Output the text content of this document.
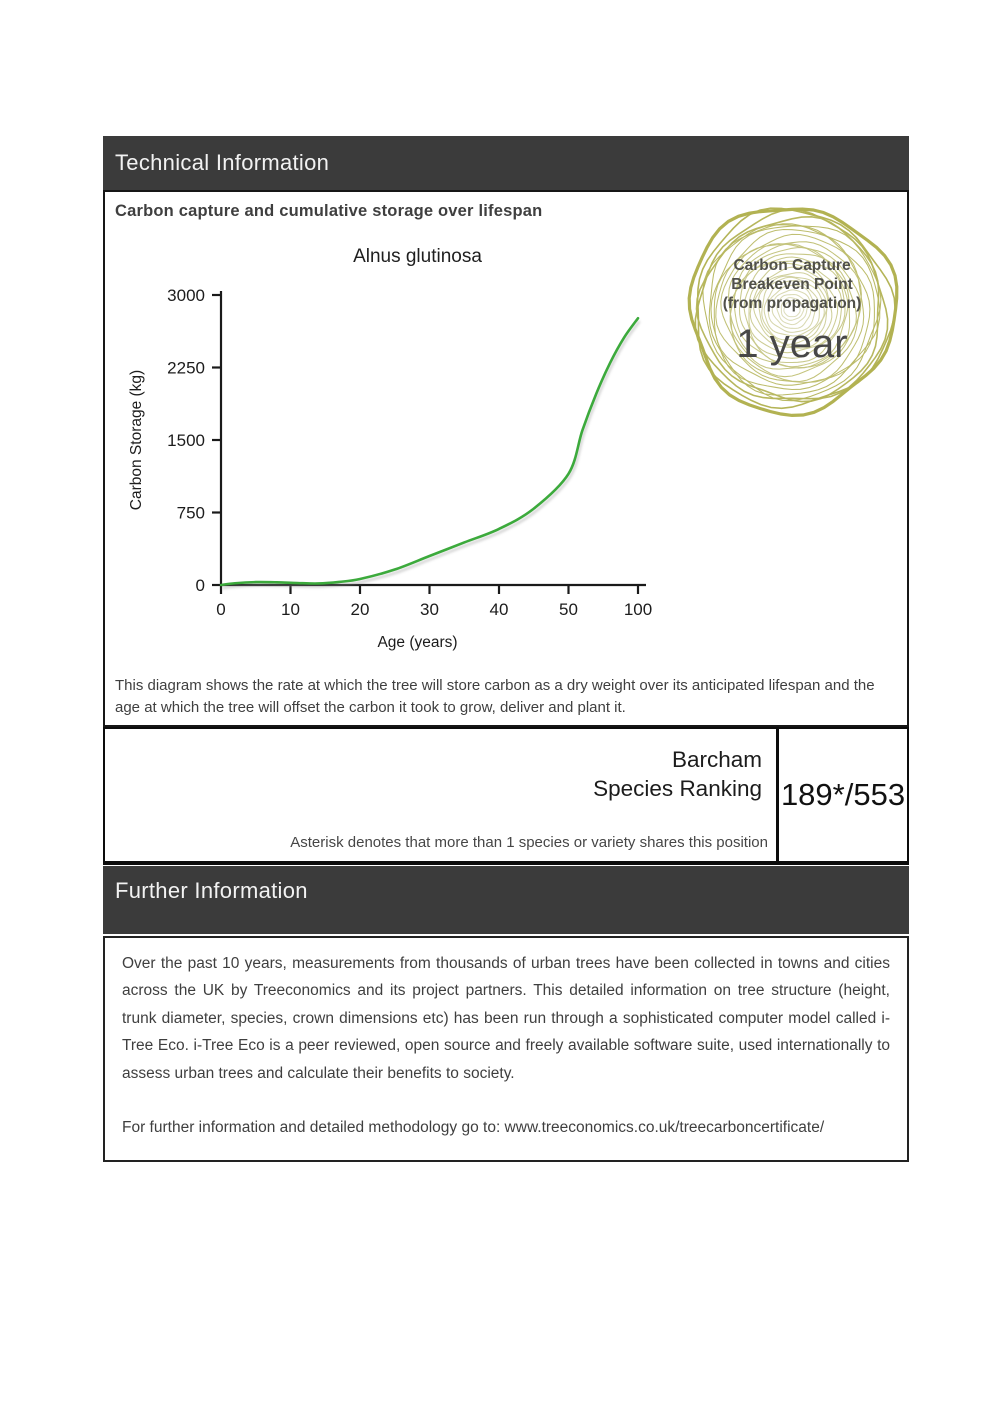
Technical Information
Carbon capture and cumulative storage over lifespan
Alnus glutinosa
0
750
1500
2250
3000
0	10	20	30	40	50	100
Age (years)
Carbon Storage (kg)
Carbon Capture
Breakeven Point
(from propagation)
1 year
This diagram shows the rate at which the tree will store carbon as a dry weight over its anticipated lifespan and the age at which the tree will offset the carbon it took to grow, deliver and plant it.
Barcham
Species Ranking
Asterisk denotes that more than 1 species or variety shares this position
189*/553
Further Information

Over the past 10 years, measurements from thousands of urban trees have been collected in towns and cities across the UK by Treeconomics and its project partners. This detailed information on tree structure (height, trunk diameter, species, crown dimensions etc) has been run through a sophisticated computer model called i-Tree Eco. i-Tree Eco is a peer reviewed, open source and freely available software suite, used internationally to assess urban trees and calculate their benefits to society.

For further information and detailed methodology go to: www.treeconomics.co.uk/treecarboncertificate/
